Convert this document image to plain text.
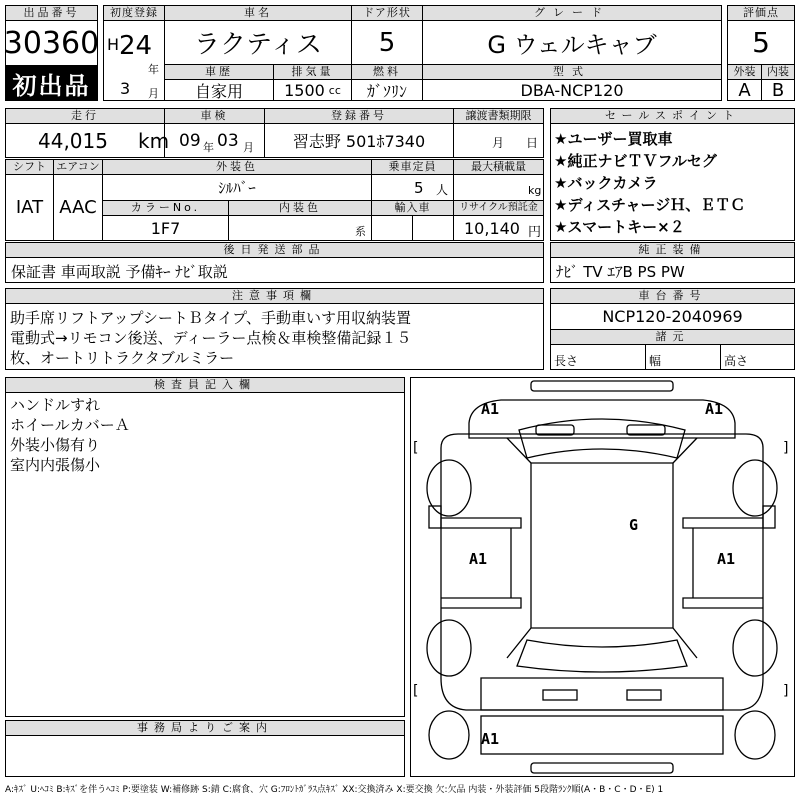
出品番号
30360
初出品
初度登録
H 24
年
3 月
車名
ラクティス
ドア形状
5
グレード
G ウェルキャブ
車歴
自家用
排気量
1500 cc
燃料
ｶﾞｿﾘﾝ
型式
DBA-NCP120
評価点
5
外装	内装
A	B
走行
44,015 km
車検
09 年 03 月
登録番号
習志野 501ﾎ7340
譲渡書類期限
月 日
セールスポイント
★ユーザー買取車
★純正ナビＴＶフルセグ
★バックカメラ
★ディスチャージＨ、ＥＴＣ
★スマートキー×２
シフト
IAT
エアコン
AAC
外装色
ｼﾙﾊﾞｰ
乗車定員
5 人
最大積載量
kg
カラーNo.
1F7
内装色
系
輸入車	リサイクル預託金
10,140 円
後日発送部品
保証書 車両取説 予備ｷｰ ﾅﾋﾞ取説
純正装備
ﾅﾋﾞ TV ｴｱB PS PW
注意事項欄
助手席リフトアップシートＢタイプ、手動車いす用収納装置
電動式→リモコン後送、ディーラー点検＆車検整備記録１５
枚、オートリトラクタブルミラー
車台番号
NCP120-2040969
諸元
長さ	幅	高さ
検査員記入欄
ハンドルすれ
ホイールカバーＡ
外装小傷有り
室内内張傷小
事務局よりご案内
A1	A1
A1	A1
G
A1
[	]
[	]
A:ｷｽﾞ U:ﾍｺﾐ B:ｷｽﾞを伴うﾍｺﾐ P:要塗装 W:補修跡 S:錆 C:腐食、穴 G:ﾌﾛﾝﾄｶﾞﾗｽ点ｷｽﾞ XX:交換済み X:要交換 欠:欠品 内装・外装評価 5段階ﾗﾝｸ順(A・B・C・D・E) 1
